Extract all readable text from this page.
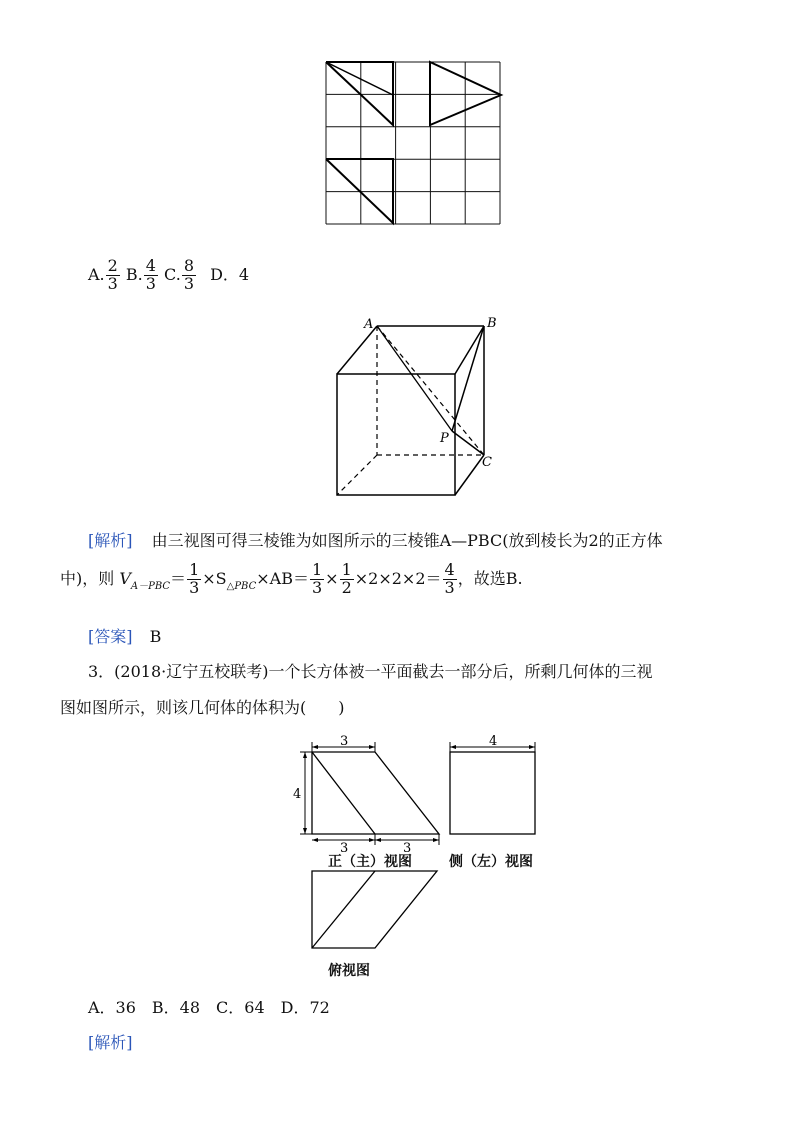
A. $\frac{2}{3} B$. $\frac{4}{3} C$. $\frac{8}{3}$ D．4
A	B
P
C
[解析] 由三视图可得三棱锥为如图所示的三棱锥A—PBC(放到棱长为2的正方体
中)，则 $V_{A-PBC}= \frac{1}{3} \times S_{\triangle PBC}\times AB= \frac{1}{3} \times \frac{1}{2} \times 2\times 2\times 2= \frac{4}{3}$ ，故选B.
[答案] B
3．(2018·辽宁五校联考)一个长方体被一平面截去一部分后，所剩几何体的三视
图如图所示，则该几何体的体积为(　　)
3
4
3	3
4
正（主）视图	侧（左）视图
俯视图
A．36　B．48　C．64　D．72
[解析]
